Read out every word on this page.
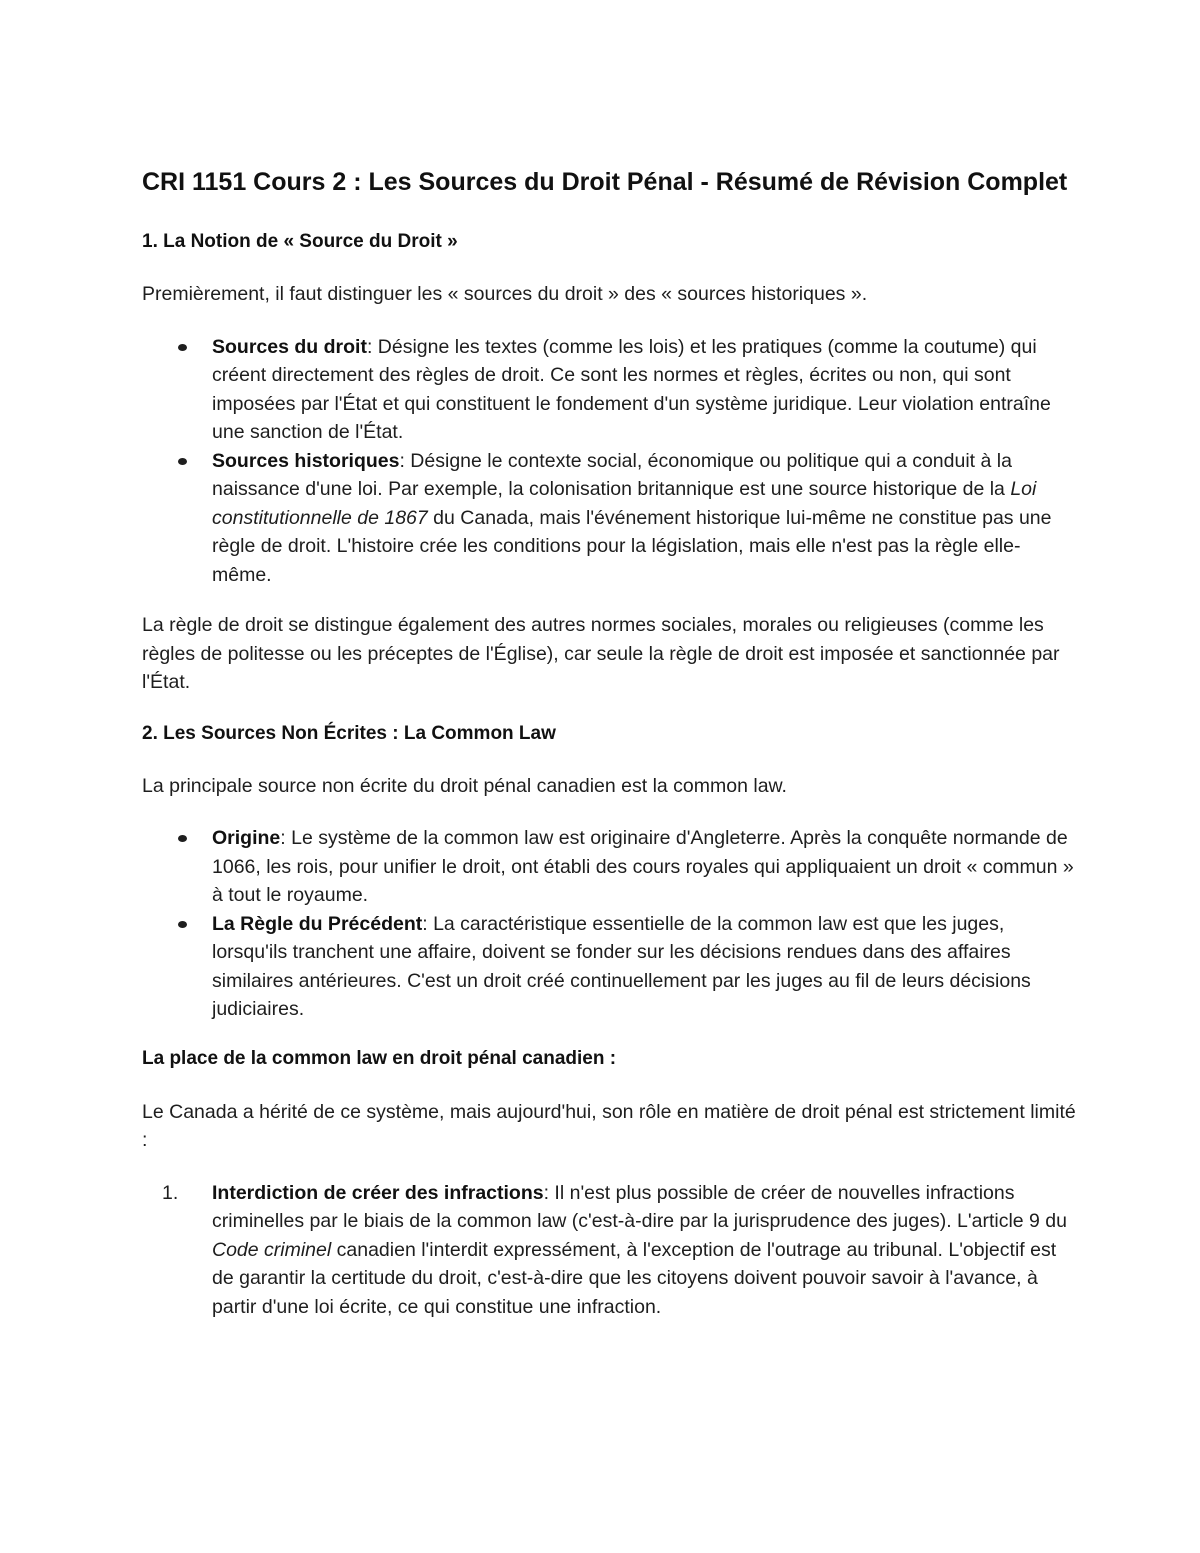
CRI 1151 Cours 2 : Les Sources du Droit Pénal - Résumé de Révision Complet
1. La Notion de « Source du Droit »

Premièrement, il faut distinguer les « sources du droit » des « sources historiques ».

Sources du droit: Désigne les textes (comme les lois) et les pratiques (comme la coutume) qui créent directement des règles de droit. Ce sont les normes et règles, écrites ou non, qui sont imposées par l'État et qui constituent le fondement d'un système juridique. Leur violation entraîne une sanction de l'État.
Sources historiques: Désigne le contexte social, économique ou politique qui a conduit à la naissance d'une loi. Par exemple, la colonisation britannique est une source historique de la Loi constitutionnelle de 1867 du Canada, mais l'événement historique lui-même ne constitue pas une règle de droit. L'histoire crée les conditions pour la législation, mais elle n'est pas la règle elle-même.

La règle de droit se distingue également des autres normes sociales, morales ou religieuses (comme les règles de politesse ou les préceptes de l'Église), car seule la règle de droit est imposée et sanctionnée par l'État.

2. Les Sources Non Écrites : La Common Law

La principale source non écrite du droit pénal canadien est la common law.

Origine: Le système de la common law est originaire d'Angleterre. Après la conquête normande de 1066, les rois, pour unifier le droit, ont établi des cours royales qui appliquaient un droit « commun » à tout le royaume.
La Règle du Précédent: La caractéristique essentielle de la common law est que les juges, lorsqu'ils tranchent une affaire, doivent se fonder sur les décisions rendues dans des affaires similaires antérieures. C'est un droit créé continuellement par les juges au fil de leurs décisions judiciaires.
La place de la common law en droit pénal canadien :

Le Canada a hérité de ce système, mais aujourd'hui, son rôle en matière de droit pénal est strictement limité :

1. Interdiction de créer des infractions: Il n'est plus possible de créer de nouvelles infractions criminelles par le biais de la common law (c'est-à-dire par la jurisprudence des juges). L'article 9 du Code criminel canadien l'interdit expressément, à l'exception de l'outrage au tribunal. L'objectif est de garantir la certitude du droit, c'est-à-dire que les citoyens doivent pouvoir savoir à l'avance, à partir d'une loi écrite, ce qui constitue une infraction.
